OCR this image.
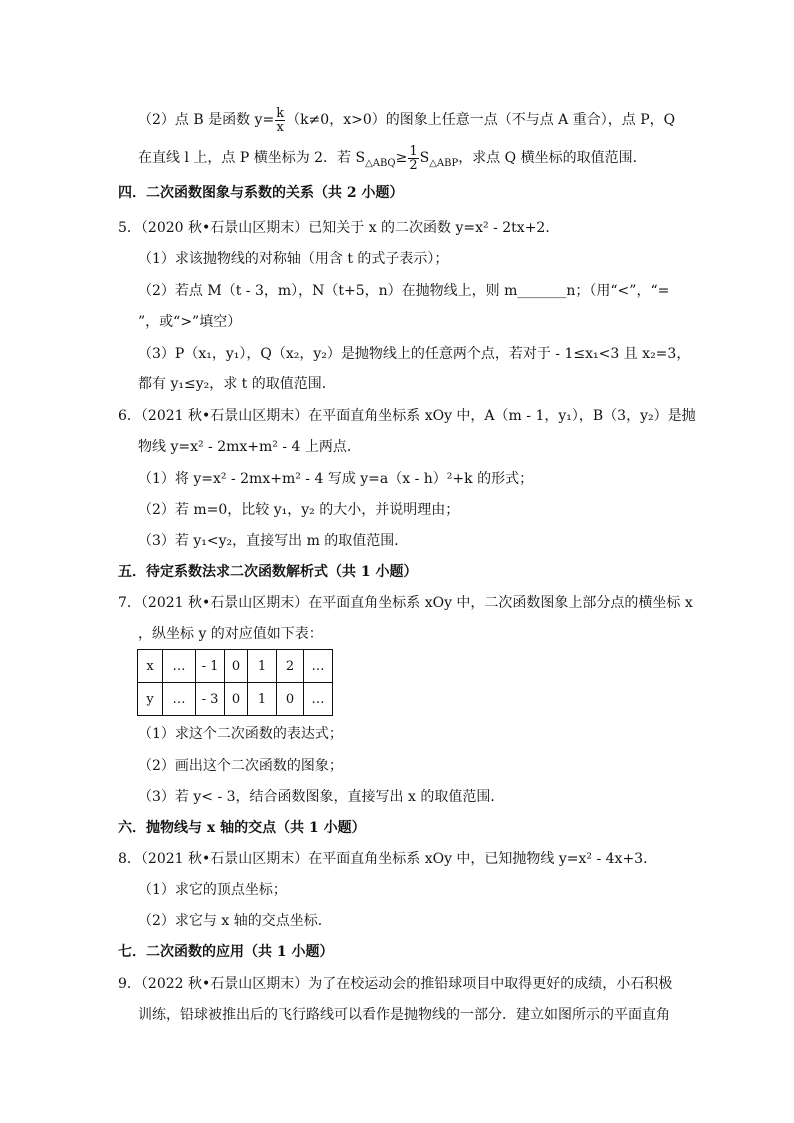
（2）点 B 是函数 $y= \frac{k}{x} (k\ne 0$，x>0）的图象上任意一点（不与点 A 重合），点 P，Q
在直线 l 上，点 P 横坐标为 2．若 $S_{\triangle ABQ}\ge \frac{1}{2} S_{\triangle ABP}$，求点 Q 横坐标的取值范围．
四．二次函数图象与系数的关系（共 2 小题）
5．（2020 秋•石景山区期末）已知关于 x 的二次函数 y=x² - 2tx+2．
（1）求该抛物线的对称轴（用含 t 的式子表示）；
（2）若点 M（t - 3，m），N（t+5，n）在抛物线上，则 m_______n；（用“<”，“=
”，或“>”填空）
（3）P（x₁，y₁），Q（x₂，y₂）是抛物线上的任意两个点，若对于 - 1≤x₁<3 且 x₂=3，
都有 y₁≤y₂，求 t 的取值范围．
6．（2021 秋•石景山区期末）在平面直角坐标系 xOy 中，A（m - 1，y₁），B（3，y₂）是抛
物线 y=x² - 2mx+m² - 4 上两点．
（1）将 y=x² - 2mx+m² - 4 写成 y=a（x - h）²+k 的形式；
（2）若 m=0，比较 y₁，y₂ 的大小，并说明理由；
（3）若 y₁<y₂，直接写出 m 的取值范围．
五．待定系数法求二次函数解析式（共 1 小题）
7．（2021 秋•石景山区期末）在平面直角坐标系 xOy 中，二次函数图象上部分点的横坐标 x
，纵坐标 y 的对应值如下表：
x	…	- 1	0	1	2	…
y	…	- 3	0	1	0	…
（1）求这个二次函数的表达式；
（2）画出这个二次函数的图象；
（3）若 y< - 3，结合函数图象，直接写出 x 的取值范围．
六．抛物线与 x 轴的交点（共 1 小题）
8．（2021 秋•石景山区期末）在平面直角坐标系 xOy 中，已知抛物线 y=x² - 4x+3．
（1）求它的顶点坐标；
（2）求它与 x 轴的交点坐标．
七．二次函数的应用（共 1 小题）
9．（2022 秋•石景山区期末）为了在校运动会的推铅球项目中取得更好的成绩，小石积极
训练，铅球被推出后的飞行路线可以看作是抛物线的一部分．建立如图所示的平面直角
